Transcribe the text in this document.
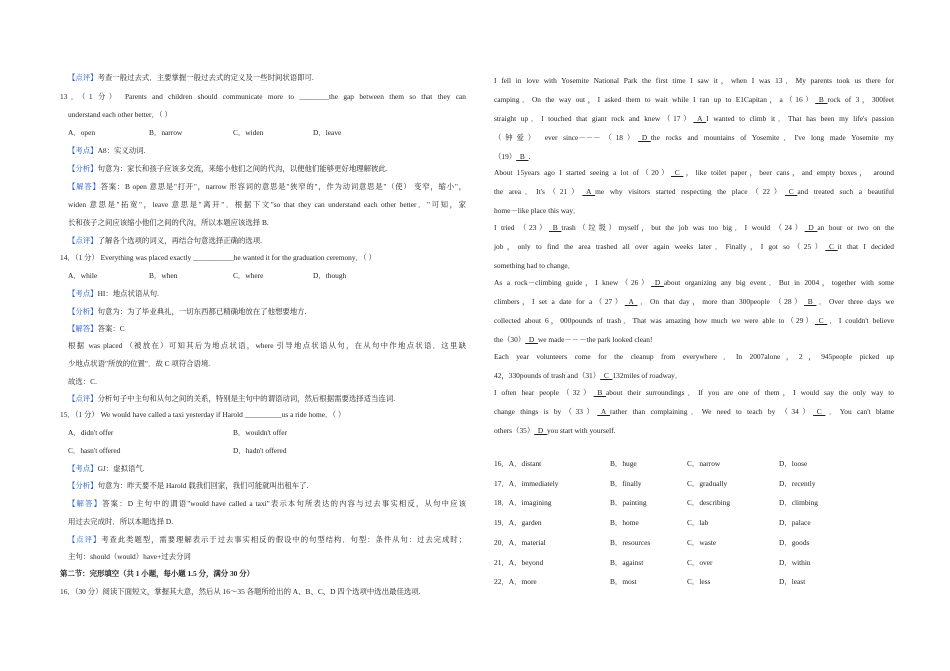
【点评】考查一般过去式．主要掌握一般过去式的定义及一些时间状语即可.
13．（1 分） Parents and children should communicate more to ________the gap between them so that they can
understand each other better．（ ）
A．open	B．narrow	C．widen	D．leave
【考点】A8：实义动词.
【分析】句意为：家长和孩子应该多交流，来缩小他们之间的代沟，以便他们能够更好地理解彼此.
【解答】答案：B open 意思是"打开"，narrow 形容词的意思是"狭窄的"，作为动词意思是"（使） 变窄，缩小"，
widen 意思是"拓宽"，leave 意思是"离开"．根据下文"so that they can understand each other better．"可知，家
长和孩子之间应该缩小他们之间的代沟，所以本题应该选择 B.
【点评】了解各个选项的词义，再结合句意选择正确的选项.
14．（1 分） Everything was placed exactly ___________he wanted it for the graduation ceremony．（ ）
A．while	B．when	C．where	D．though
【考点】HI：地点状语从句.
【分析】句意为：为了毕业典礼，一切东西都已精确地放在了他想要地方.
【解答】答案：C
根据 was placed （被放在）可知其后为地点状语，where 引导地点状语从句，在从句中作地点状语．这里缺
少地点状语"所放的位置"．故 C 项符合语境.
故选：C.
【点评】分析句子中主句和从句之间的关系，特别是主句中的谓语动词，然后根据需要选择适当连词.
15．（1 分） We would have called a taxi yesterday if Harold __________us a ride home．（ ）
A．didn't offer	B．wouldn't offer
C．hasn't offered	D．hadn't offered
【考点】GJ：虚拟语气.
【分析】句意为：昨天要不是 Harold 载我们回家，我们可能就叫出租车了.
【解答】答案：D 主句中的谓语"would have called a taxi"表示本句所表达的内容与过去事实相反，从句中应该
用过去完成时．所以本题选择 D.
【点评】考查此类题型，需要理解表示于过去事实相反的假设中的句型结构．句型：条件从句：过去完成时；
主句：should（would）have+过去分词
第二节：完形填空（共 1 小题，每小题 1.5 分，满分 30 分）
16．（30 分）阅读下面短文，掌握其大意，然后从 16～35 各题所给出的 A、B、C、D 四个选项中选出最佳选项.
I fell in love with Yosemite National Park the first time I saw it，when I was 13．My parents took us there for
camping．On the way out，I asked them to wait while I ran up to E1Capitan，a（16） B rock of 3，300feet
straight up．I touched that giant rock and knew（17） A I wanted to climb it．That has been my life's passion
（钟爱） ever since－－－（18） D the rocks and mountains of Yosemite．I've long made Yosemite my
（19） B .
About 15years ago I started seeing a lot of（20） C ，like toilet paper，beer cans，and empty boxes， around
the area．It's（21） A me why visitors started respecting the place（22） C and treated such a beautiful
home－like place this way．
I tried （23） B trash（垃圾）myself，but the job was too big．I would （24） D an hour or two on the
job，only to find the area trashed all over again weeks later．Finally，I got so（25） C it that I decided
something had to change．
As a rock－climbing guide，I knew（26） D about organizing any big event．But in 2004，together with some
climbers，I set a date for a（27） A ．On that day，more than 300people （28） B ．Over three days we
collected about 6，000pounds of trash．That was amazing how much we were able to（29） C ．I couldn't believe
the（30） D we made－－－the park looked clean!
Each year volunteers come for the cleanup from everywhere．In 2007alone，2，945people picked up
42，330pounds of trash and（31） C 132miles of roadway．
I often hear people（32） B about their surroundings．If you are one of them，I would say the only way to
change things is by（33） A rather than complaining．We need to teach by （34） C ．You can't blame
others（35） D you start with yourself.
16．A．distant	B．huge	C．narrow	D．loose
17．A．immediately	B．finally	C．gradually	D．recently
18．A．imagining	B．painting	C．describing	D．climbing
19．A．garden	B．home	C．lab	D．palace
20．A．material	B．resources	C．waste	D．goods
21．A．beyond	B．against	C．over	D．within
22．A．more	B．most	C．less	D．least
